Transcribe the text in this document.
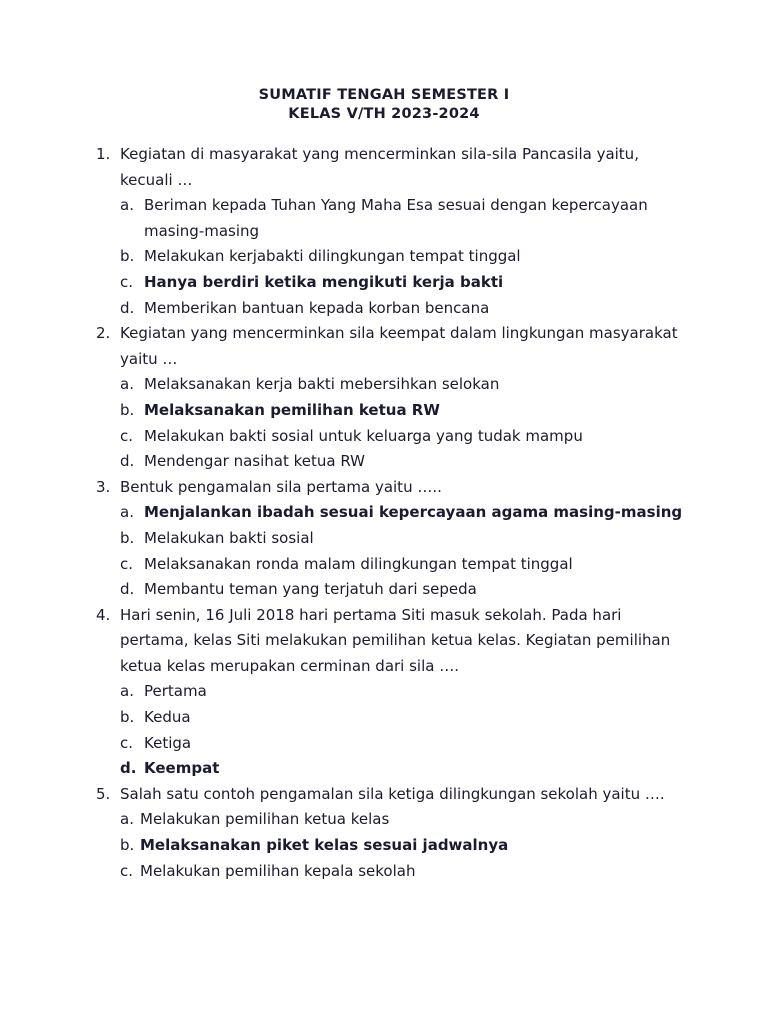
SUMATIF TENGAH SEMESTER I
KELAS V/TH 2023-2024
1. Kegiatan di masyarakat yang mencerminkan sila-sila Pancasila yaitu, kecuali …
a. Beriman kepada Tuhan Yang Maha Esa sesuai dengan kepercayaan masing-masing
b. Melakukan kerjabakti dilingkungan tempat tinggal
c. Hanya berdiri ketika mengikuti kerja bakti
d. Memberikan bantuan kepada korban bencana
2. Kegiatan yang mencerminkan sila keempat dalam lingkungan masyarakat yaitu …
a. Melaksanakan kerja bakti mebersihkan selokan
b. Melaksanakan pemilihan ketua RW
c. Melakukan bakti sosial untuk keluarga yang tudak mampu
d. Mendengar nasihat ketua RW
3. Bentuk pengamalan sila pertama yaitu …..
a. Menjalankan ibadah sesuai kepercayaan agama masing-masing
b. Melakukan bakti sosial
c. Melaksanakan ronda malam dilingkungan tempat tinggal
d. Membantu teman yang terjatuh dari sepeda
4. Hari senin, 16 Juli 2018 hari pertama Siti masuk sekolah. Pada hari pertama, kelas Siti melakukan pemilihan ketua kelas. Kegiatan pemilihan ketua kelas merupakan cerminan dari sila ….
a. Pertama
b. Kedua
c. Ketiga
d. Keempat
5. Salah satu contoh pengamalan sila ketiga dilingkungan sekolah yaitu ….
a. Melakukan pemilihan ketua kelas
b. Melaksanakan piket kelas sesuai jadwalnya
c. Melakukan pemilihan kepala sekolah
